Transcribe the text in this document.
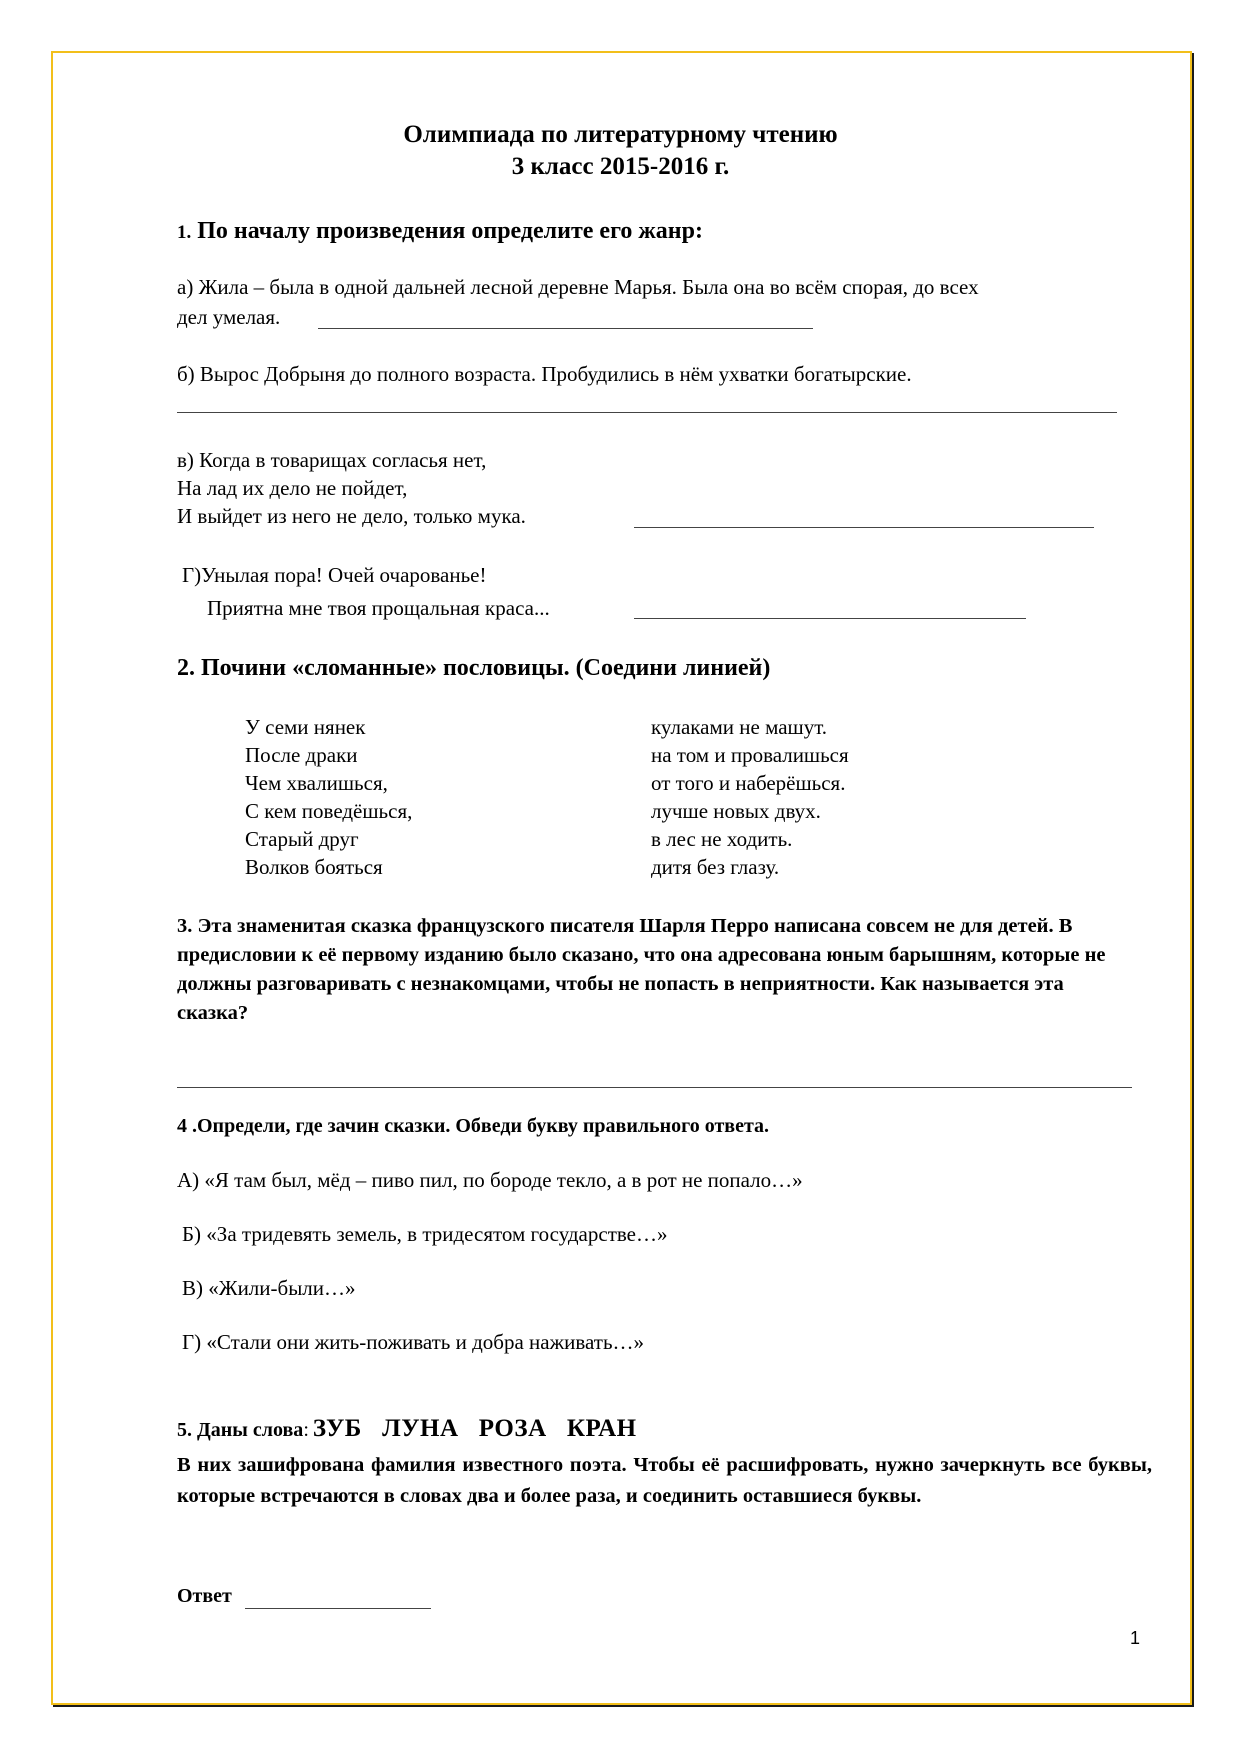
Олимпиада по литературному чтению
3 класс 2015-2016 г.
1. По началу произведения определите его жанр:
а) Жила – была в одной дальней лесной деревне Марья. Была она во всём спорая, до всех
дел умелая.
б) Вырос Добрыня до полного возраста. Пробудились в нём ухватки богатырские.
в) Когда в товарищах согласья нет,
На лад их дело не пойдет,
И выйдет из него не дело, только мука.
Г)Унылая пора! Очей очарованье!
Приятна мне твоя прощальная краса...
2. Почини «сломанные» пословицы. (Соедини линией)
У семи нянек
После драки
Чем хвалишься,
С кем поведёшься,
Старый друг
Волков бояться
кулаками не машут.
на том и провалишься
от того и наберёшься.
лучше новых двух.
в лес не ходить.
дитя без глазу.
3. Эта знаменитая сказка французского писателя Шарля Перро написана совсем не для детей. В предисловии к её первому изданию было сказано, что она адресована юным барышням, которые не должны разговаривать с незнакомцами, чтобы не попасть в неприятности. Как называется эта сказка?
4 .Определи, где зачин сказки. Обведи букву правильного ответа.
А) «Я там был, мёд – пиво пил, по бороде текло, а в рот не попало…»
Б) «За тридевять земель, в тридесятом государстве…»
В) «Жили-были…»
Г) «Стали они жить-поживать и добра наживать…»
5. Даны слова: ЗУБ   ЛУНА   РОЗА   КРАН
В них зашифрована фамилия известного поэта. Чтобы её расшифровать, нужно зачеркнуть все буквы, которые встречаются в словах два и более раза, и соединить оставшиеся буквы.
Ответ
1
